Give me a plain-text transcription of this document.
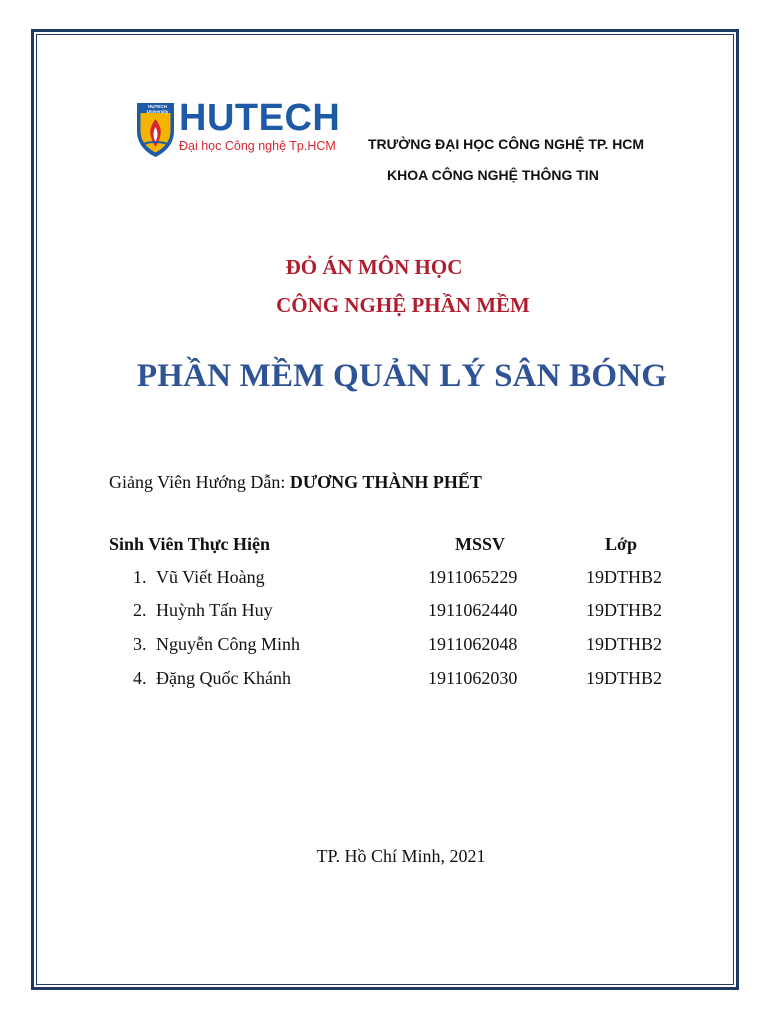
HUTECH University HUTECH
Đại học Công nghệ Tp.HCM TRƯỜNG ĐẠI HỌC CÔNG NGHỆ TP. HCM
KHOA CÔNG NGHỆ THÔNG TIN
ĐỎ ÁN MÔN HỌC
CÔNG NGHỆ PHẦN MỀM
PHẦN MỀM QUẢN LÝ SÂN BÓNG
Giảng Viên Hướng Dẫn: DƯƠNG THÀNH PHẾT
Sinh Viên Thực Hiện	MSSV	Lớp
1. Vũ Viết Hoàng	1911065229	19DTHB2
2. Huỳnh Tấn Huy	1911062440	19DTHB2
3. Nguyễn Công Minh	1911062048	19DTHB2
4. Đặng Quốc Khánh	1911062030	19DTHB2
TP. Hồ Chí Minh, 2021
